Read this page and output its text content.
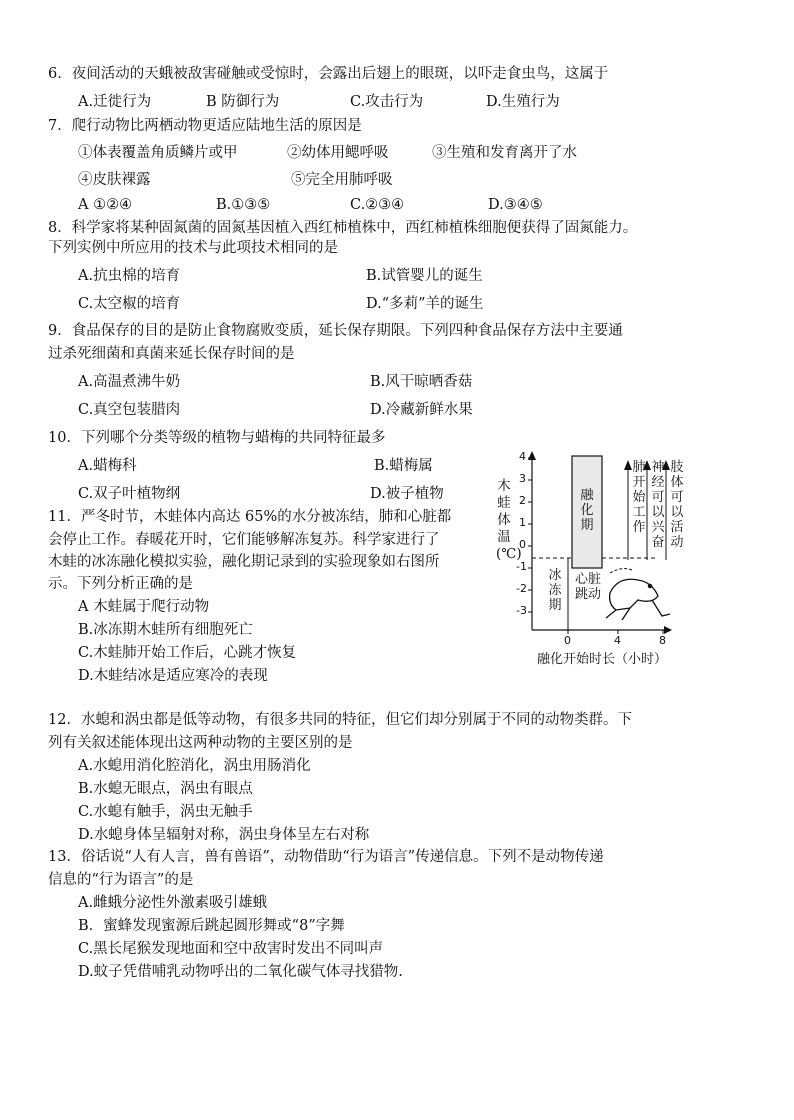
6．夜间活动的天蛾被敌害碰触或受惊时，会露出后翅上的眼斑，以吓走食虫鸟，这属于
A.迁徙行为	B 防御行为	C.攻击行为	D.生殖行为
7．爬行动物比两栖动物更适应陆地生活的原因是
①体表覆盖角质鳞片或甲	②幼体用鳃呼吸	③生殖和发育离开了水
④皮肤裸露	⑤完全用肺呼吸
A ①②④	B.①③⑤	C.②③④	D.③④⑤
8．科学家将某种固氮菌的固氮基因植入西红柿植株中，西红柿植株细胞便获得了固氮能力。
下列实例中所应用的技术与此项技术相同的是
A.抗虫棉的培育	B.试管婴儿的诞生
C.太空椒的培育	D.“多莉”羊的诞生
9．食品保存的目的是防止食物腐败变质，延长保存期限。下列四种食品保存方法中主要通
过杀死细菌和真菌来延长保存时间的是
A.高温煮沸牛奶	B.风干晾晒香菇
C.真空包装腊肉	D.冷藏新鲜水果
10．下列哪个分类等级的植物与蜡梅的共同特征最多
A.蜡梅科	B.蜡梅属
C.双子叶植物纲	D.被子植物
11．严冬时节，木蛙体内高达 65%的水分被冻结，肺和心脏都
会停止工作。春暖花开时，它们能够解冻复苏。科学家进行了
木蛙的冰冻融化模拟实验，融化期记录到的实验现象如右图所
示。下列分析正确的是
A 木蛙属于爬行动物
B.冰冻期木蛙所有细胞死亡
C.木蛙肺开始工作后，心跳才恢复
D.木蛙结冰是适应寒冷的表现
木蛙体温(℃)
4
3
2
1
0
-1
-2
-3
0	4	8
融化期
冰冻期
心脏跳动
肺开始工作
神经可以兴奋
肢体可以活动
融化开始时长（小时）
12．水螅和涡虫都是低等动物，有很多共同的特征，但它们却分别属于不同的动物类群。下
列有关叙述能体现出这两种动物的主要区别的是
A.水螅用消化腔消化，涡虫用肠消化
B.水螅无眼点，涡虫有眼点
C.水螅有触手，涡虫无触手
D.水螅身体呈辐射对称，涡虫身体呈左右对称
13．俗话说“人有人言，兽有兽语”，动物借助“行为语言”传递信息。下列不是动物传递
信息的“行为语言”的是
A.雌蛾分泌性外激素吸引雄蛾
B．蜜蜂发现蜜源后跳起圆形舞或“8”字舞
C.黑长尾猴发现地面和空中敌害时发出不同叫声
D.蚊子凭借哺乳动物呼出的二氧化碳气体寻找猎物.
